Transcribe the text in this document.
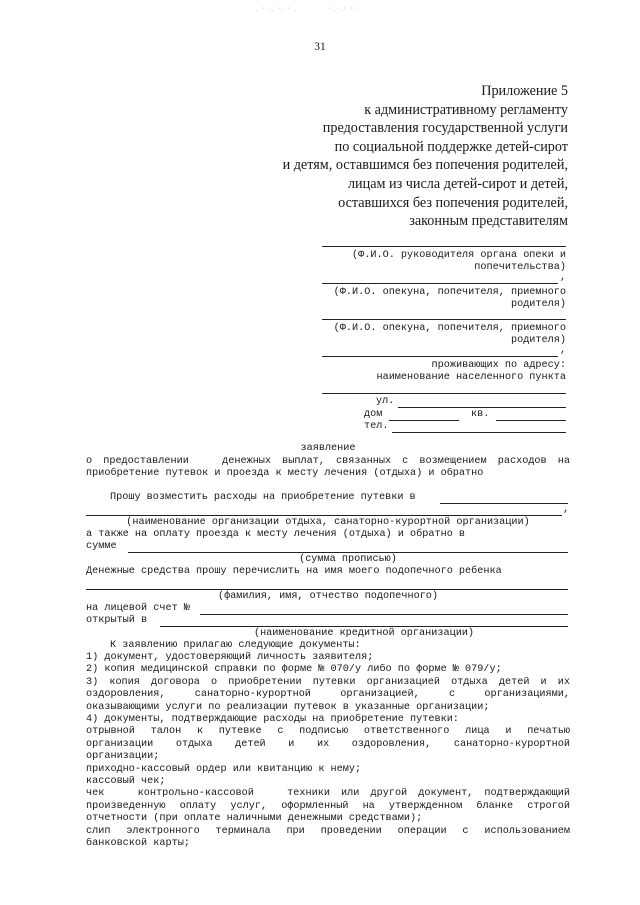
. · .. ·. · .	·.·.· · ·
31
Приложение 5
к административному регламенту
предоставления государственной услуги
по социальной поддержке детей-сирот
и детям, оставшимся без попечения родителей,
лицам из числа детей-сирот и детей,
оставшихся без попечения родителей,
законным представителям
(Ф.И.О. руководителя органа опеки и
попечительства)
,
(Ф.И.О. опекуна, попечителя, приемного
родителя)
(Ф.И.О. опекуна, попечителя, приемного
родителя)
,
проживающих по адресу:
наименование населенного пункта
ул.
дом	кв.
тел.
заявление
о предоставлении   денежных выплат, связанных с возмещением расходов на
приобретение путевок и проезда к месту лечения (отдыха) и обратно
Прошу возместить расходы на приобретение путевки в
,
(наименование организации отдыха, санаторно-курортной организации)
а также на оплату проезда к месту лечения (отдыха) и обратно в
сумме
(сумма прописью)
Денежные средства прошу перечислить на имя моего подопечного ребенка
(фамилия, имя, отчество подопечного)
на лицевой счет №
открытый в
(наименование кредитной организации)
К заявлению прилагаю следующие документы:
1) документ, удостоверяющий личность заявителя;
2) копия медицинской справки по форме № 070/у либо по форме № 079/у;
3) копия договора о приобретении путевки организацией отдыха детей и их
оздоровления,    санаторно-курортной    организацией,    с    организациями,
оказывающими услуги по реализации путевок в указанные организации;
4) документы, подтверждающие расходы на приобретение путевки:
отрывной талон к путевке с подписью ответственного лица и печатью
организации   отдыха   детей   и   их   оздоровления,   санаторно-курортной
организации;
приходно-кассовый ордер или квитанцию к нему;
кассовый чек;
чек   контрольно-кассовой   техники или другой документ, подтверждающий
произведенную оплату услуг, оформленный на утвержденном бланке строгой
отчетности (при оплате наличными денежными средствами);
слип электронного терминала при проведении операции с использованием
банковской карты;
